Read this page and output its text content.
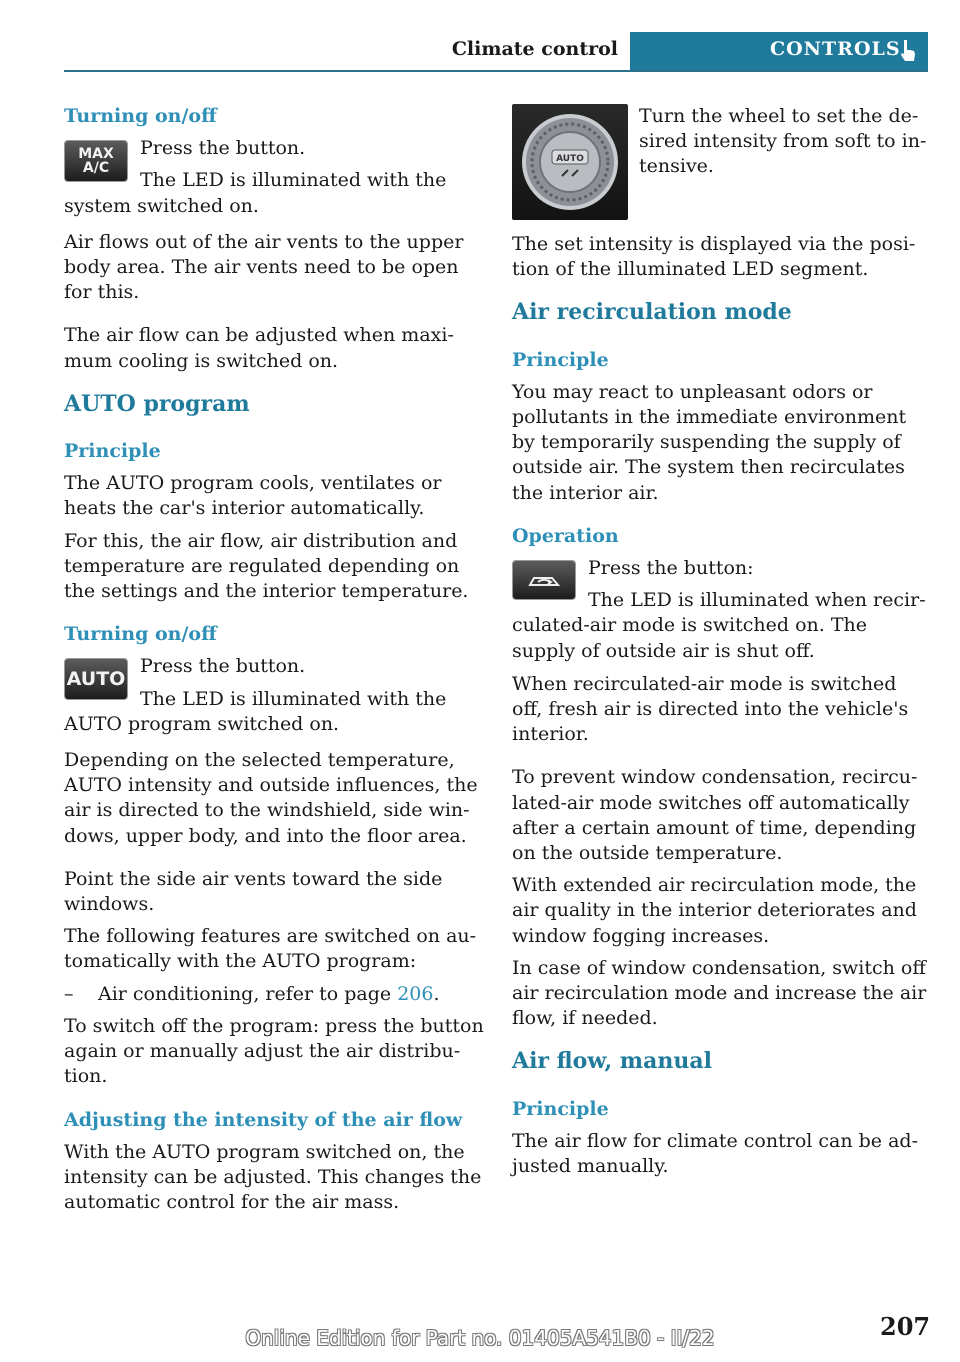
Climate control	CONTROLS
Turning on/off
MAX
A/C

Press the button.

The LED is illuminated with the system switched on.

Air flows out of the air vents to the upper body area. The air vents need to be open for this.

The air flow can be adjusted when maximum cooling is switched on.

AUTO program
Principle

The AUTO program cools, ventilates or heats the car's interior automatically.

For this, the air flow, air distribution and temperature are regulated depending on the settings and the interior temperature.

Turning on/off
AUTO

Press the button.

The LED is illuminated with the AUTO program switched on.

Depending on the selected temperature, AUTO intensity and outside influences, the air is directed to the windshield, side windows, upper body, and into the floor area.

Point the side air vents toward the side windows.

The following features are switched on automatically with the AUTO program:

– Air conditioning, refer to page 206.

To switch off the program: press the button again or manually adjust the air distribution.

Adjusting the intensity of the air flow

With the AUTO program switched on, the intensity can be adjusted. This changes the automatic control for the air mass.

AUTO

Turn the wheel to set the desired intensity from soft to intensive.

The set intensity is displayed via the position of the illuminated LED segment.

Air recirculation mode
Principle

You may react to unpleasant odors or pollutants in the immediate environment by temporarily suspending the supply of outside air. The system then recirculates the interior air.

Operation

Press the button:

The LED is illuminated when recirculated-air mode is switched on. The supply of outside air is shut off.

When recirculated-air mode is switched off, fresh air is directed into the vehicle's interior.

To prevent window condensation, recirculated-air mode switches off automatically after a certain amount of time, depending on the outside temperature.

With extended air recirculation mode, the air quality in the interior deteriorates and window fogging increases.

In case of window condensation, switch off air recirculation mode and increase the air flow, if needed.

Air flow, manual
Principle

The air flow for climate control can be adjusted manually.

207
Online Edition for Part no. 01405A541B0 - II/22
